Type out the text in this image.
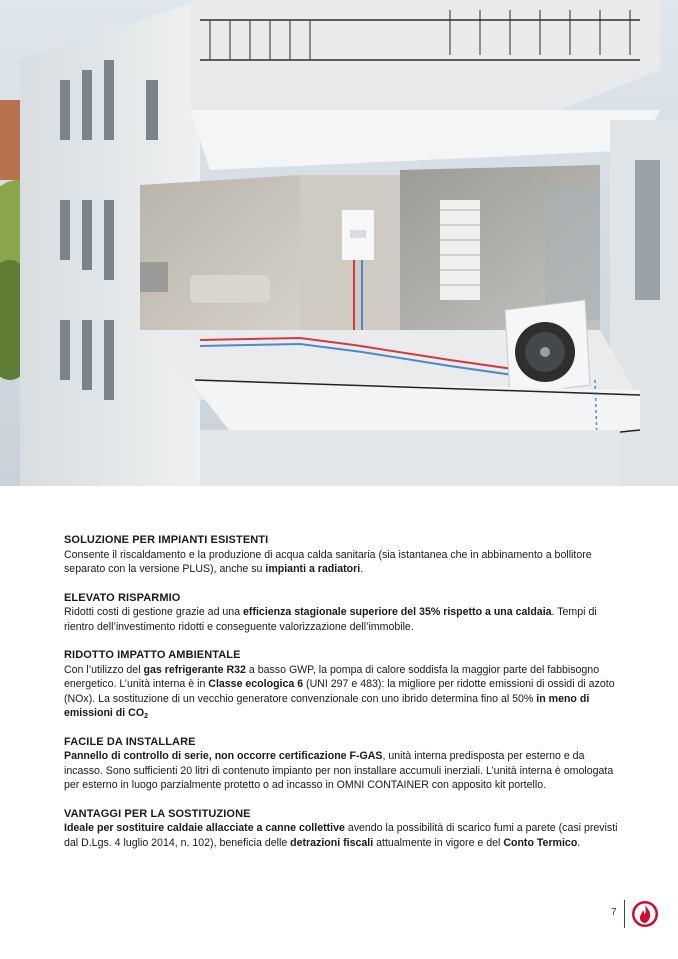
SOLUZIONE PER IMPIANTI ESISTENTI
Consente il riscaldamento e la produzione di acqua calda sanitaria (sia istantanea che in abbinamento a bollitore separato con la versione PLUS), anche su impianti a radiatori.
ELEVATO RISPARMIO
Ridotti costi di gestione grazie ad una efficienza stagionale superiore del 35% rispetto a una caldaia. Tempi di rientro dell’investimento ridotti e conseguente valorizzazione dell’immobile.
RIDOTTO IMPATTO AMBIENTALE
Con l’utilizzo del gas refrigerante R32 a basso GWP, la pompa di calore soddisfa la maggior parte del fabbisogno energetico. L’unità interna è in Classe ecologica 6 (UNI 297 e 483): la migliore per ridotte emissioni di ossidi di azoto (NOx). La sostituzione di un vecchio generatore convenzionale con uno ibrido determina fino al 50% in meno di emissioni di $CO_2$
FACILE DA INSTALLARE
Pannello di controllo di serie, non occorre certificazione F-GAS, unità interna predisposta per esterno e da incasso. Sono sufficienti 20 litri di contenuto impianto per non installare accumuli inerziali. L’unità interna è omologata per esterno in luogo parzialmente protetto o ad incasso in OMNI CONTAINER con apposito kit portello.
VANTAGGI PER LA SOSTITUZIONE
Ideale per sostituire caldaie allacciate a canne collettive avendo la possibilità di scarico fumi a parete (casi previsti dal D.Lgs. 4 luglio 2014, n. 102), beneficia delle detrazioni fiscali attualmente in vigore e del Conto Termico.
7
